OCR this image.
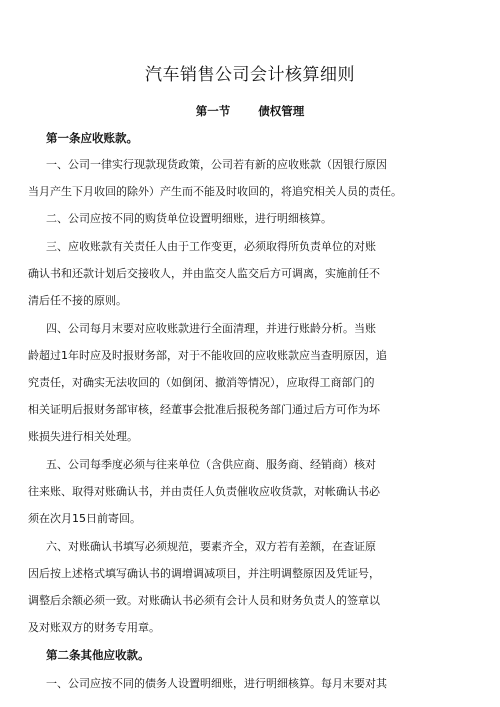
汽车销售公司会计核算细则
第一节 债权管理
第一条应收账款。
一、公司一律实行现款现货政策，公司若有新的应收账款（因银行原因
当月产生下月收回的除外）产生而不能及时收回的，将追究相关人员的责任。
二、公司应按不同的购货单位设置明细账，进行明细核算。
三、应收账款有关责任人由于工作变更，必须取得所负责单位的对账
确认书和还款计划后交接收人，并由监交人监交后方可调离，实施前任不
清后任不接的原则。
四、公司每月末要对应收账款进行全面清理，并进行账龄分析。当账
龄超过1年时应及时报财务部，对于不能收回的应收账款应当查明原因，追
究责任，对确实无法收回的（如倒闭、撤消等情况），应取得工商部门的
相关证明后报财务部审核，经董事会批准后报税务部门通过后方可作为坏
账损失进行相关处理。
五、公司每季度必须与往来单位（含供应商、服务商、经销商）核对
往来账、取得对账确认书，并由责任人负责催收应收货款，对帐确认书必
须在次月15日前寄回。
六、对账确认书填写必须规范，要素齐全，双方若有差额，在查证原
因后按上述格式填写确认书的调增调减项目，并注明调整原因及凭证号，
调整后余额必须一致。对账确认书必须有会计人员和财务负责人的签章以
及对账双方的财务专用章。
第二条其他应收款。
一、公司应按不同的债务人设置明细账，进行明细核算。每月末要对其
